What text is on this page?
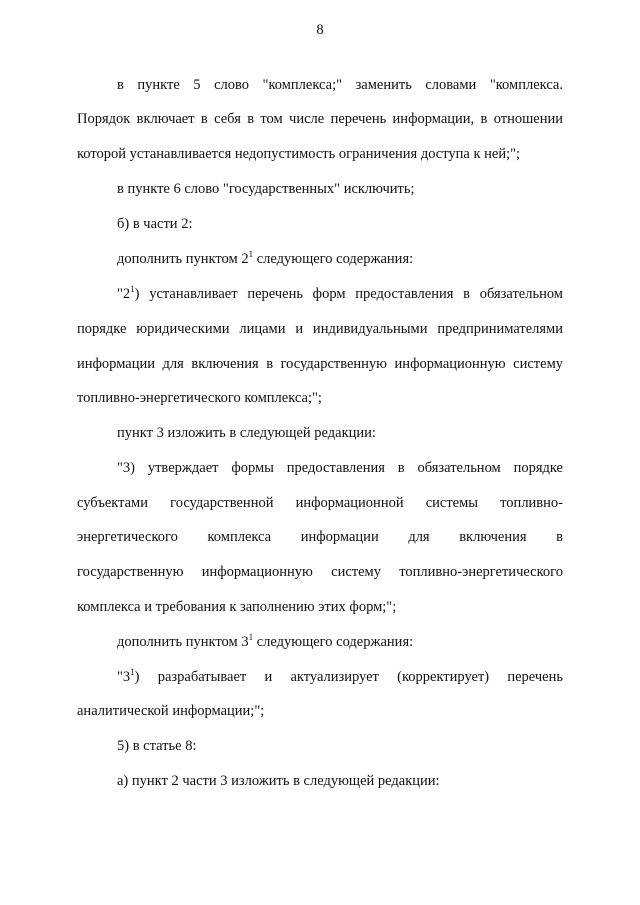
8
в пункте 5 слово "комплекса;" заменить словами "комплекса.
Порядок включает в себя в том числе перечень информации, в отношении
которой устанавливается недопустимость ограничения доступа к ней;";
в пункте 6 слово "государственных" исключить;
б) в части 2:
дополнить пунктом $2^1$ следующего содержания:
"$2^1$) устанавливает перечень форм предоставления в обязательном
порядке юридическими лицами и индивидуальными предпринимателями
информации для включения в государственную информационную систему
топливно-энергетического комплекса;";
пункт 3 изложить в следующей редакции:
"3) утверждает формы предоставления в обязательном порядке
субъектами государственной информационной системы топливно-
энергетического комплекса информации для включения в
государственную информационную систему топливно-энергетического
комплекса и требования к заполнению этих форм;";
дополнить пунктом $3^1$ следующего содержания:
"$3^1$) разрабатывает и актуализирует (корректирует) перечень
аналитической информации;";
5) в статье 8:
а) пункт 2 части 3 изложить в следующей редакции:
